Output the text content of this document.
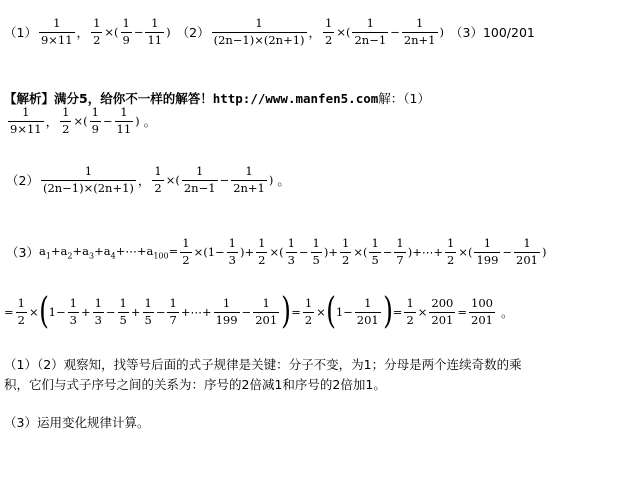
$(1) \frac{1}{9\times 11}$ ， $\frac{1}{2}$ ×( $\frac{1}{9} - \frac{1}{11}$ ) $(2) \frac{1}{(2n-1)\times(2n+1)}$ ， $\frac{1}{2}$ ×( $\frac{1}{2n-1} - \frac{1}{2n+1}$ ) （3）100/201
【解析】满分5，给你不一样的解答！ http://www.manfen5.com 解：（1）
$\frac{1}{9\times 11}$ ， $\frac{1}{2}$ ×( $\frac{1}{9} - \frac{1}{11}$ ) 。
$(2) \frac{1}{(2n-1)\times(2n+1)}$ ， $\frac{1}{2}$ ×( $\frac{1}{2n-1} - \frac{1}{2n+1}$ ) 。
（3） $a_1+a_2+a_3+a_4+\cdots+a_{100}= \frac{1}{2} \times(1- \frac{1}{3}$ )+ $\frac{1}{2}$ ×( $\frac{1}{3} - \frac{1}{5}$ )+ $\frac{1}{2}$ ×( $\frac{1}{5} - \frac{1}{7}$ )+⋯+ $\frac{1}{2}$ ×( $\frac{1}{199} - \frac{1}{201}$ )
= $\frac{1}{2}$ × ( $1- \frac{1}{3} + \frac{1}{3} - \frac{1}{5} + \frac{1}{5} - \frac{1}{7}$ +⋯+ $\frac{1}{199} - \frac{1}{201}$ ) = $\frac{1}{2}$ × ( $1- \frac{1}{201}$ ) = $\frac{1}{2} \times \frac{200}{201} = \frac{100}{201}$ 。
（1）（2）观察知，找等号后面的式子规律是关键：分子不变，为1；分母是两个连续奇数的乘
积，它们与式子序号之间的关系为：序号的2倍减1和序号的2倍加1。
（3）运用变化规律计算。
